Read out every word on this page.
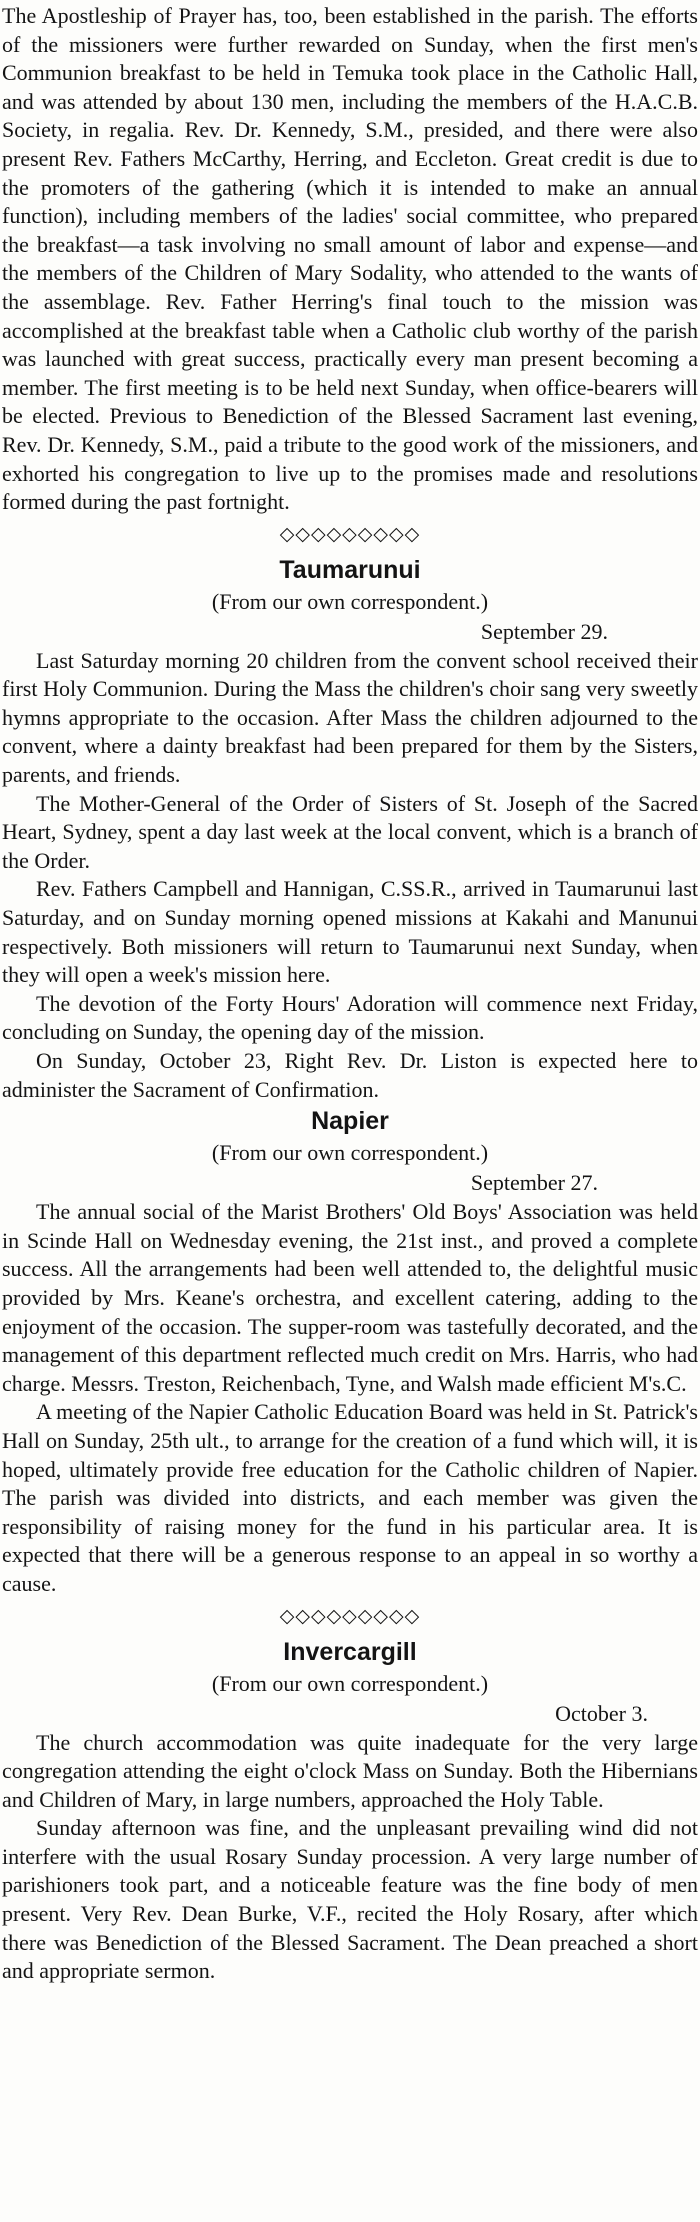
The Apostleship of Prayer has, too, been established in the parish. The efforts of the missioners were further rewarded on Sunday, when the first men's Communion breakfast to be held in Temuka took place in the Catholic Hall, and was attended by about 130 men, including the members of the H.A.C.B. Society, in regalia. Rev. Dr. Kennedy, S.M., presided, and there were also present Rev. Fathers McCarthy, Herring, and Eccleton. Great credit is due to the promoters of the gathering (which it is intended to make an annual function), including members of the ladies' social committee, who prepared the breakfast—a task involving no small amount of labor and expense—and the members of the Children of Mary Sodality, who attended to the wants of the assemblage. Rev. Father Herring's final touch to the mission was accomplished at the breakfast table when a Catholic club worthy of the parish was launched with great success, practically every man present becoming a member. The first meeting is to be held next Sunday, when office-bearers will be elected. Previous to Benediction of the Blessed Sacrament last evening, Rev. Dr. Kennedy, S.M., paid a tribute to the good work of the missioners, and exhorted his congregation to live up to the promises made and resolutions formed during the past fortnight.

◇◇◇◇◇◇◇◇◇
Taumarunui
(From our own correspondent.)
September 29.

Last Saturday morning 20 children from the convent school received their first Holy Communion. During the Mass the children's choir sang very sweetly hymns appropriate to the occasion. After Mass the children adjourned to the convent, where a dainty breakfast had been prepared for them by the Sisters, parents, and friends.

The Mother-General of the Order of Sisters of St. Joseph of the Sacred Heart, Sydney, spent a day last week at the local convent, which is a branch of the Order.

Rev. Fathers Campbell and Hannigan, C.SS.R., arrived in Taumarunui last Saturday, and on Sunday morning opened missions at Kakahi and Manunui respectively. Both missioners will return to Taumarunui next Sunday, when they will open a week's mission here.

The devotion of the Forty Hours' Adoration will commence next Friday, concluding on Sunday, the opening day of the mission.

On Sunday, October 23, Right Rev. Dr. Liston is expected here to administer the Sacrament of Confirmation.

Napier
(From our own correspondent.)
September 27.

The annual social of the Marist Brothers' Old Boys' Association was held in Scinde Hall on Wednesday evening, the 21st inst., and proved a complete success. All the arrangements had been well attended to, the delightful music provided by Mrs. Keane's orchestra, and excellent catering, adding to the enjoyment of the occasion. The supper-room was tastefully decorated, and the management of this department reflected much credit on Mrs. Harris, who had charge. Messrs. Treston, Reichenbach, Tyne, and Walsh made efficient M's.C.

A meeting of the Napier Catholic Education Board was held in St. Patrick's Hall on Sunday, 25th ult., to arrange for the creation of a fund which will, it is hoped, ultimately provide free education for the Catholic children of Napier. The parish was divided into districts, and each member was given the responsibility of raising money for the fund in his particular area. It is expected that there will be a generous response to an appeal in so worthy a cause.

◇◇◇◇◇◇◇◇◇
Invercargill
(From our own correspondent.)
October 3.

The church accommodation was quite inadequate for the very large congregation attending the eight o'clock Mass on Sunday. Both the Hibernians and Children of Mary, in large numbers, approached the Holy Table.

Sunday afternoon was fine, and the unpleasant prevailing wind did not interfere with the usual Rosary Sunday procession. A very large number of parishioners took part, and a noticeable feature was the fine body of men present. Very Rev. Dean Burke, V.F., recited the Holy Rosary, after which there was Benediction of the Blessed Sacrament. The Dean preached a short and appropriate sermon.
